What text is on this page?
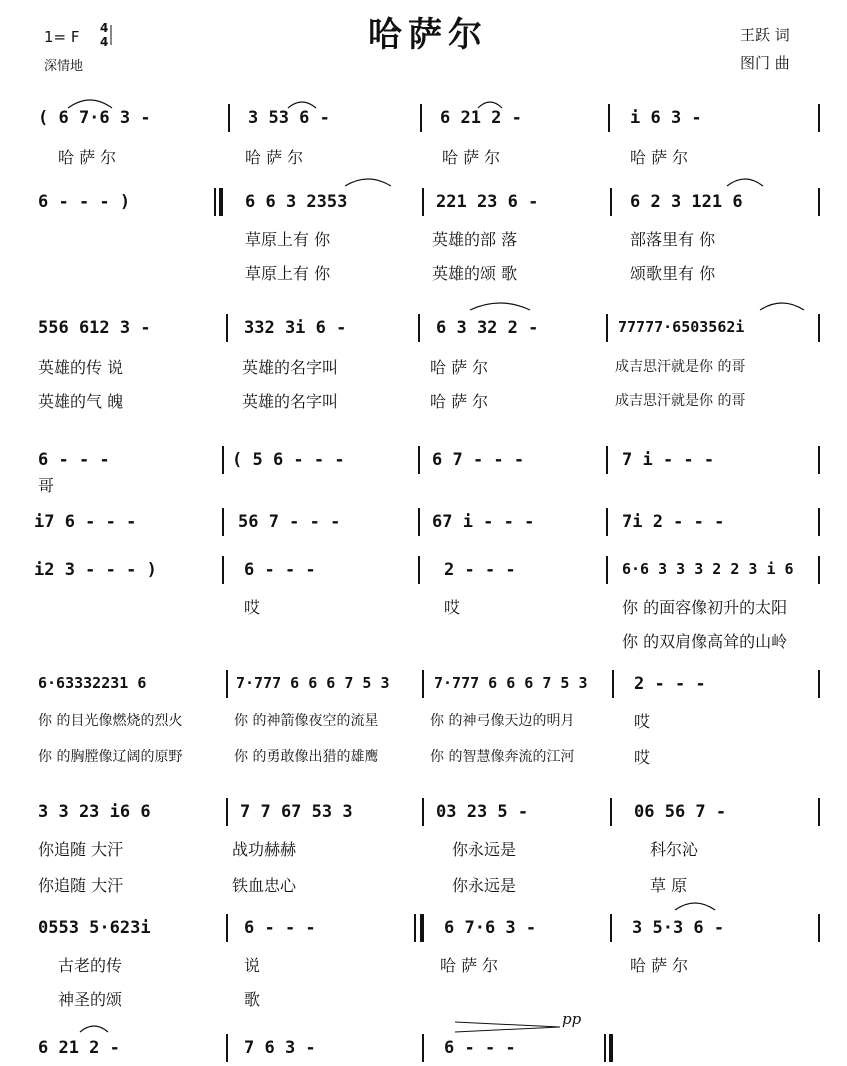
哈萨尔
1= F 4
4
深情地
王跃 词
图门 曲
( 6 7·6 3 -	3 53 6 -	6 21 2 -	i 6 3 -
哈 萨 尔	哈 萨 尔	哈 萨 尔	哈 萨 尔
6 - - - )	6 6 3 2353	221 23 6 -	6 2 3 121 6
草原上有 你	英雄的部 落	部落里有 你
草原上有 你	英雄的颂 歌	颂歌里有 你
556 612 3 -	332 3i 6 -	6 3 32 2 -	77777·6503562i
英雄的传 说	英雄的名字叫	哈 萨 尔	成吉思汗就是你 的哥
英雄的气 魄	英雄的名字叫	哈 萨 尔	成吉思汗就是你 的哥
6 - - -	( 5 6 - - -	6 7 - - -	7 i - - -
哥
i7 6 - - -	56 7 - - -	67 i - - -	7i 2 - - -
i2 3 - - - )	6 - - -	2 - - -	6·6 3 3 3 2 2 3 i 6
哎	哎	你 的面容像初升的太阳
你 的双肩像高耸的山岭
6·63332231 6	7·777 6 6 6 7 5 3	7·777 6 6 6 7 5 3	2 - - -
你 的目光像燃烧的烈火	你 的神箭像夜空的流星	你 的神弓像天边的明月	哎
你 的胸膛像辽阔的原野	你 的勇敢像出猎的雄鹰	你 的智慧像奔流的江河	哎
3 3 23 i6 6	7 7 67 53 3	03 23 5 -	06 56 7 -
你追随 大汗	战功赫赫	你永远是	科尔沁
你追随 大汗	铁血忠心	你永远是	草 原
0553 5·623i	6 - - -	6 7·6 3 -	3 5·3 6 -
古老的传	说	哈 萨 尔	哈 萨 尔
神圣的颂	歌
6 21 2 -	7 6 3 -	6 - - -
pp
